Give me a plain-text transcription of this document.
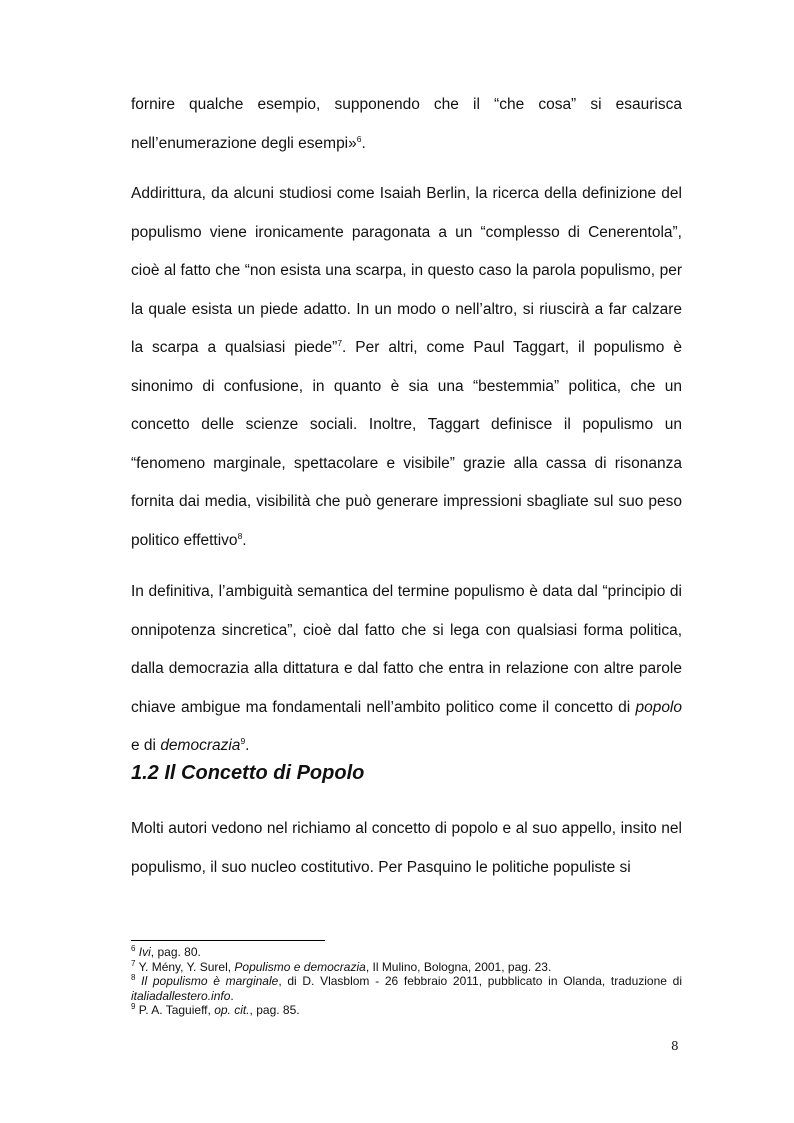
fornire qualche esempio, supponendo che il “che cosa” si esaurisca nell’enumerazione degli esempi»$^6$.

Addirittura, da alcuni studiosi come Isaiah Berlin, la ricerca della definizione del populismo viene ironicamente paragonata a un “complesso di Cenerentola”, cioè al fatto che “non esista una scarpa, in questo caso la parola populismo, per la quale esista un piede adatto. In un modo o nell’altro, si riuscirà a far calzare la scarpa a qualsiasi piede”$^7$. Per altri, come Paul Taggart, il populismo è sinonimo di confusione, in quanto è sia una “bestemmia” politica, che un concetto delle scienze sociali. Inoltre, Taggart definisce il populismo un “fenomeno marginale, spettacolare e visibile” grazie alla cassa di risonanza fornita dai media, visibilità che può generare impressioni sbagliate sul suo peso politico effettivo$^8$.

In definitiva, l’ambiguità semantica del termine populismo è data dal “principio di onnipotenza sincretica”, cioè dal fatto che si lega con qualsiasi forma politica, dalla democrazia alla dittatura e dal fatto che entra in relazione con altre parole chiave ambigue ma fondamentali nell’ambito politico come il concetto di popolo e di democrazia$^9$.

1.2 Il Concetto di Popolo

Molti autori vedono nel richiamo al concetto di popolo e al suo appello, insito nel populismo, il suo nucleo costitutivo. Per Pasquino le politiche populiste si

$^6$ Ivi, pag. 80.

$^7$ Y. Mény, Y. Surel, Populismo e democrazia, Il Mulino, Bologna, 2001, pag. 23.

$^8$ Il populismo è marginale, di D. Vlasblom - 26 febbraio 2011, pubblicato in Olanda, traduzione di italiadallestero.info.

$^9$ P. A. Taguieff, op. cit., pag. 85.

8
